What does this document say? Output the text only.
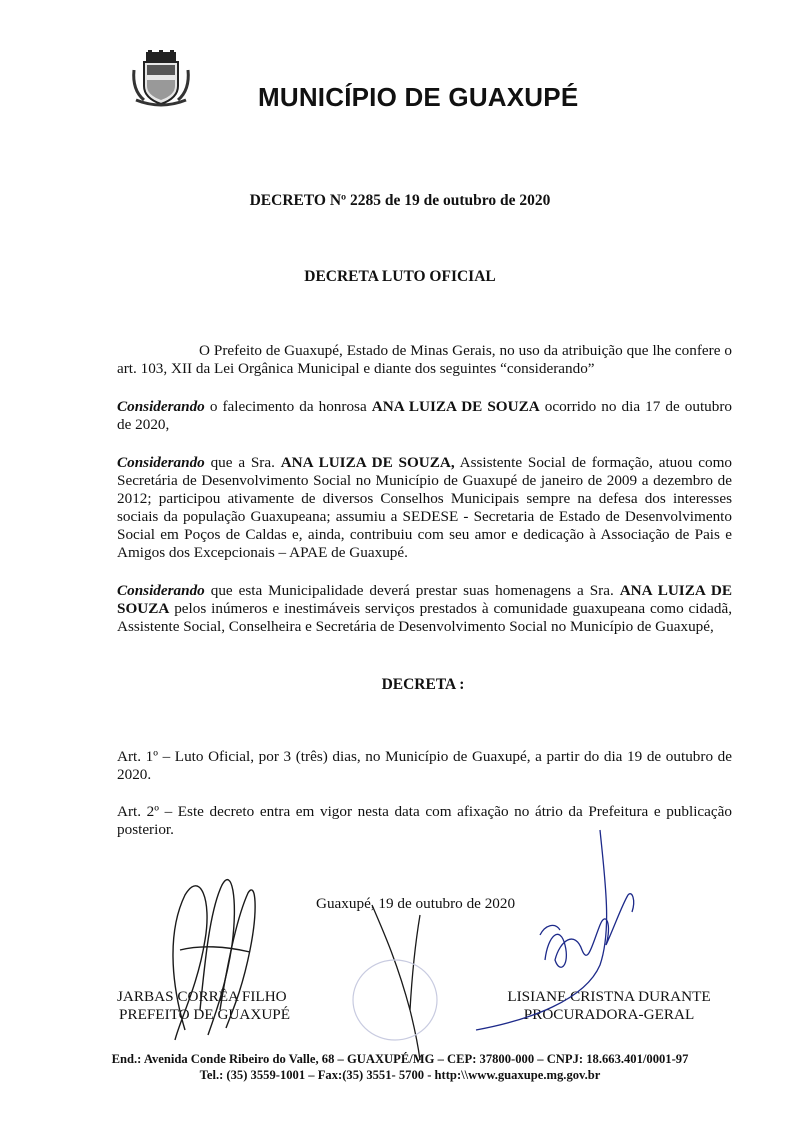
MUNICÍPIO DE GUAXUPÉ
DECRETO Nº 2285 de 19 de outubro de 2020
DECRETA LUTO OFICIAL
O Prefeito de Guaxupé, Estado de Minas Gerais, no uso da atribuição que lhe confere o art. 103, XII da Lei Orgânica Municipal e diante dos seguintes “considerando”
Considerando o falecimento da honrosa ANA LUIZA DE SOUZA ocorrido no dia 17 de outubro de 2020,
Considerando que a Sra. ANA LUIZA DE SOUZA, Assistente Social de formação, atuou como Secretária de Desenvolvimento Social no Município de Guaxupé de janeiro de 2009 a dezembro de 2012; participou ativamente de diversos Conselhos Municipais sempre na defesa dos interesses sociais da população Guaxupeana; assumiu a SEDESE - Secretaria de Estado de Desenvolvimento Social em Poços de Caldas e, ainda, contribuiu com seu amor e dedicação à Associação de Pais e Amigos dos Excepcionais – APAE de Guaxupé.
Considerando que esta Municipalidade deverá prestar suas homenagens a Sra. ANA LUIZA DE SOUZA pelos inúmeros e inestimáveis serviços prestados à comunidade guaxupeana como cidadã, Assistente Social, Conselheira e Secretária de Desenvolvimento Social no Município de Guaxupé,
DECRETA :
Art. 1º – Luto Oficial, por 3 (três) dias, no Município de Guaxupé, a partir do dia 19 de outubro de 2020.
Art. 2º – Este decreto entra em vigor nesta data com afixação no átrio da Prefeitura e publicação posterior.
Guaxupé, 19 de outubro de 2020
JARBAS CORRÊA FILHO
PREFEITO DE GUAXUPÉ
LISIANE CRISTNA DURANTE
PROCURADORA-GERAL
End.: Avenida Conde Ribeiro do Valle, 68 – GUAXUPÉ/MG – CEP: 37800-000 – CNPJ: 18.663.401/0001-97
Tel.: (35) 3559-1001 – Fax:(35) 3551- 5700 - http:\\www.guaxupe.mg.gov.br
